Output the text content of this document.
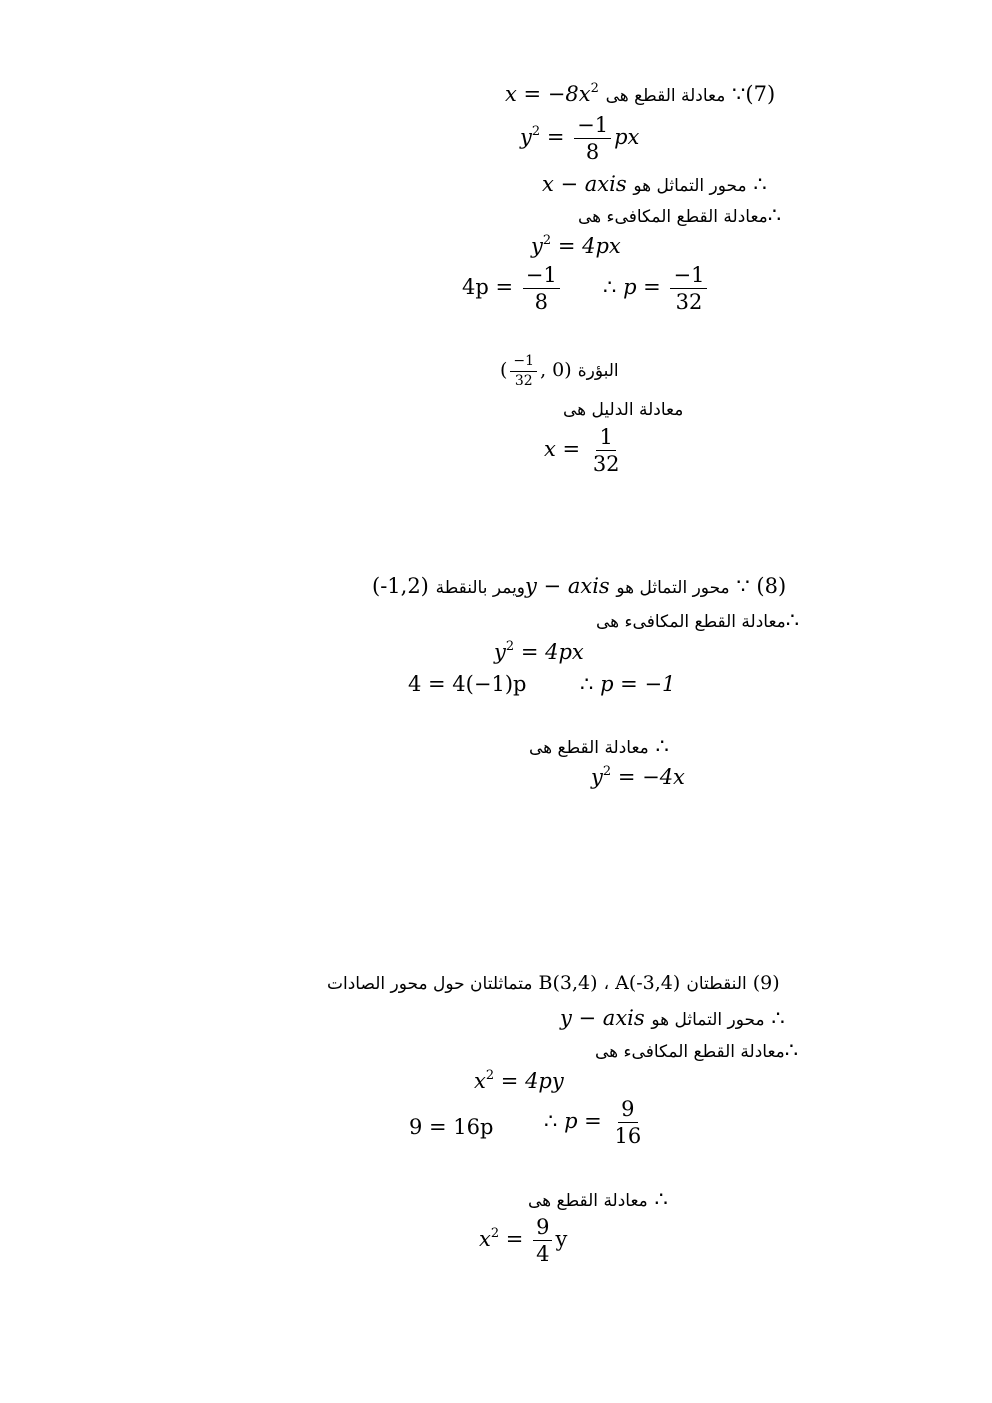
$x = -8x^2$ معادلة القطع هى ∵(7)
$y^2 = \frac{-1}{8}$ px
x − axis محور التماثل هو ∴
معادلة القطع المكافىء هى∴
$y^2 = 4px$
$4p = \frac{-1}{8}$ ∴ $p = \frac{-1}{32}$
( $\frac{-1}{32}$ , 0) البؤرة
معادلة الدليل هى
$x = \frac{1}{32}$
(-1,2) ويمر بالنقطةy − axis محور التماثل هو ∵ (8)
معادلة القطع المكافىء هى∴
$y^2 = 4px$
4 = 4(−1)p	∴ p = −1
معادلة القطع هى ∴
$y^2 = -4x$
متماثلتان حول محور الصادات B(3,4) ، A(-3,4) النقطتان (9)
y − axis محور التماثل هو ∴
معادلة القطع المكافىء هى∴
$x^2 = 4py$
9 = 16p ∴ $p = \frac{9}{16}$
معادلة القطع هى ∴
$x^2 = \frac{9}{4}$ y
